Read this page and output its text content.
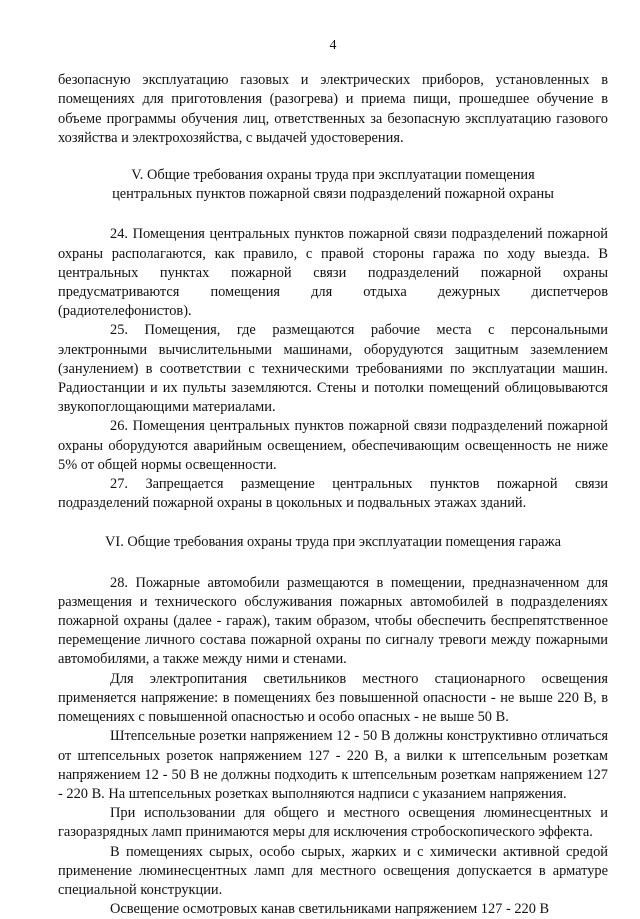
4

безопасную эксплуатацию газовых и электрических приборов, установленных в помещениях для приготовления (разогрева) и приема пищи, прошедшее обучение в объеме программы обучения лиц, ответственных за безопасную эксплуатацию газового хозяйства и электрохозяйства, с выдачей удостоверения.

V. Общие требования охраны труда при эксплуатации помещения
центральных пунктов пожарной связи подразделений пожарной охраны

24. Помещения центральных пунктов пожарной связи подразделений пожарной охраны располагаются, как правило, с правой стороны гаража по ходу выезда. В центральных пунктах пожарной связи подразделений пожарной охраны предусматриваются помещения для отдыха дежурных диспетчеров (радиотелефонистов).

25. Помещения, где размещаются рабочие места с персональными электронными вычислительными машинами, оборудуются защитным заземлением (занулением) в соответствии с техническими требованиями по эксплуатации машин. Радиостанции и их пульты заземляются. Стены и потолки помещений облицовываются звукопоглощающими материалами.

26. Помещения центральных пунктов пожарной связи подразделений пожарной охраны оборудуются аварийным освещением, обеспечивающим освещенность не ниже 5% от общей нормы освещенности.

27. Запрещается размещение центральных пунктов пожарной связи подразделений пожарной охраны в цокольных и подвальных этажах зданий.

VI. Общие требования охраны труда при эксплуатации помещения гаража

28. Пожарные автомобили размещаются в помещении, предназначенном для размещения и технического обслуживания пожарных автомобилей в подразделениях пожарной охраны (далее - гараж), таким образом, чтобы обеспечить беспрепятственное перемещение личного состава пожарной охраны по сигналу тревоги между пожарными автомобилями, а также между ними и стенами.

Для электропитания светильников местного стационарного освещения применяется напряжение: в помещениях без повышенной опасности - не выше 220 В, в помещениях с повышенной опасностью и особо опасных - не выше 50 В.

Штепсельные розетки напряжением 12 - 50 В должны конструктивно отличаться от штепсельных розеток напряжением 127 - 220 В, а вилки к штепсельным розеткам напряжением 12 - 50 В не должны подходить к штепсельным розеткам напряжением 127 - 220 В. На штепсельных розетках выполняются надписи с указанием напряжения.

При использовании для общего и местного освещения люминесцентных и газоразрядных ламп принимаются меры для исключения стробоскопического эффекта.

В помещениях сырых, особо сырых, жарких и с химически активной средой применение люминесцентных ламп для местного освещения допускается в арматуре специальной конструкции.

Освещение осмотровых канав светильниками напряжением 127 - 220 В
